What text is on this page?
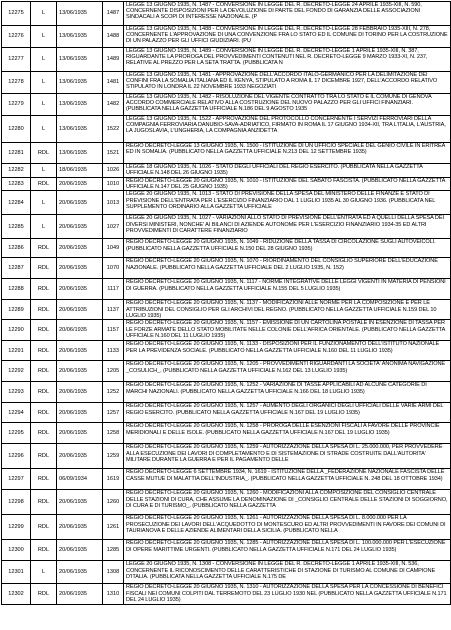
12275	L	13/06/1935	1487	LEGGE 13 GIUGNO 1935, N. 1487 - CONVERSIONE IN LEGGE DEL R. DECRETO-LEGGE 24 APRILE 1935-XIII, N. 590, CONCERNENTE DISPOSIZIONI PER LA DEVOLUZIONE DI PARTE DEL FONDO DI GARANZIA DELLE ASSOCIAZIONI SINDACALI A SCOPI DI INTERESSE NAZIONALE. (P
12276	L	13/06/1935	1488	LEGGE 13 GIUGNO 1935, N. 1488 - CONVERSIONE IN LEGGE DEL R. DECRETO-LEGGE 28 FEBBRAIO 1935-XIII, N. 278, CONCERNENTE L'APPROVAZIONE DI UNA CONVENZIONE FRA LO STATO ED IL COMUNE DI TORINO PER LA COSTRUZIONE DI UN PALAZZO PER GLI UFFICI GIUDIZIARI. (PU
12277	L	13/06/1935	1489	LEGGE 13 GIUGNO 1935, N. 1489 - CONVERSIONE IN LEGGE DEL R. DECRETO-LEGGE 1 APRILE 1935-XIII, N. 387, RIGUARDANTE LA PROROGA DEL PROVVEDIMENTI CONTENUTI NEL R. DECRETO-LEGGE 9 MARZO 1933-XI, N. 237, RELATIVE AL PREZZO PER LA SETA TRATTA. (PUBBLICATA N
12278	L	13/06/1935	1481	LEGGE 13 GIUGNO 1935, N. 1481 - APPROVAZIONE DELL'ACCORDO ITALO-GERMANICO PER LA DELIMITAZIONE DEI CONFINI FRA LA SOMALIA ITALIANA ED IL KENYA, STIPULATO A ROMA IL 17 DICEMBRE 1927, DELL'ACCORDO RELATIVO STIPULATO IN LONDRA IL 22 NOVEMBRE 1933 NEGOZIATI
12279	L	13/06/1935	1482	LEGGE 13 GIUGNO 1935, N. 1482 - RISOLUZIONE DEL VIGENTE CONTRATTO TRA LO STATO E IL COMUNE DI GENOVA ACCORDO COMMERCIALE RELATIVO ALLA COSTRUZIONE DEL NUOVO PALAZZO PER GLI UFFICI FINANZIARI. (PUBBLICATA NELLA GAZZETTA UFFICIALE N.186 DEL 9 AGOSTO 1935
12280	L	13/06/1935	1522	LEGGE 13 GIUGNO 1935, N. 1522 - APPROVAZIONE DEL PROTOCOLLO CONCERNENTE I SERVIZI FERROVIARI DELLA COMPAGNIA FERROVIARIA DANUBIO-SAVA-ADRIATICO, FIRMATO IN ROMA IL 17 GIUGNO 1934-XII, TRA L'ITALIA, L'AUSTRIA, LA JUGOSLAVIA, L'UNGHERIA, LA COMPAGNIA ANZIDETTA
12281	RDL	13/06/1935	1521	REGIO DECRETO-LEGGE 13 GIUGNO 1935, N. 1500 - ISTITUZIONE DI UN UFFICIO SPECIALE DEL GENIO CIVILE IN ERITREA ED IN SOMALIA. (PUBBLICATO NELLA GAZZETTA UFFICIALE N.213 DEL 12 SETTEMBRE 1935)
12282	L	18/06/1935	1026	LEGGE 18 GIUGNO 1935, N. 1026 - STATO DEGLI UFFICIALI DEL REGIO ESERCITO. (PUBBLICATA NELLA GAZZETTA UFFICIALE N.148 DEL 26 GIUGNO 1935)
12283	RDL	20/06/1935	1010	REGIO DECRETO-LEGGE 20 GIUGNO 1935, N. 1010 - ISTITUZIONE DEL SABATO FASCISTA. (PUBBLICATO NELLA GAZZETTA UFFICIALE N.147 DEL 25 GIUGNO 1935)
12284	L	20/06/1935	1013	LEGGE 20 GIUGNO 1935, N. 1013 - STATO DI PREVISIONE DELLA SPESA DEL MINISTERO DELLE FINANZE E STATO DI PREVISIONE DELL'ENTRATA PER L'ESERCIZIO FINANZIARIO DAL 1 LUGLIO 1935 AL 30 GIUGNO 1936. (PUBBLICATA NEL SUPPLEMENTO ORDINARIO ALLA GAZZETTA UFFICIALE
12285	L	20/06/1935	1027	LEGGE 20 GIUGNO 1935, N. 1027 - VARIAZIONI ALLO STATO DI PREVISIONE DELL'ENTRATA ED A QUELLI DELLA SPESA DEI DIVERSI MINISTERI, NONCHE' AI BILANCI DI AZIENDE AUTONOME PER L'ESERCIZIO FINANZIARIO 1934-35 ED ALTRI PROVVEDIMENTI DI CARATTERE FINANZIARIO
12286	RDL	20/06/1935	1049	REGIO DECRETO-LEGGE 20 GIUGNO 1935, N. 1049 - RIDUZIONE DELLA TASSA DI CIRCOLAZIONE SUGLI AUTOVEICOLI. (PUBBLICATO NELLA GAZZETTA UFFICIALE N.150 DEL 28 GIUGNO 1935)
12287	RDL	20/06/1935	1070	REGIO DECRETO-LEGGE 20 GIUGNO 1935, N. 1070 - RIORDINAMENTO DEL CONSIGLIO SUPERIORE DELL'EDUCAZIONE NAZIONALE. (PUBBLICATO NELLA GAZZETTA UFFICIALE DEL 2 LUGLIO 1935, N. 152)
12288	RDL	20/06/1935	1117	REGIO DECRETO-LEGGE 20 GIUGNO 1935, N. 1117 - NORME INTEGRATIVE DELLE LEGGI VIGENTI IN MATERIA DI PENSIONI DI GUERRA. (PUBBLICATO NELLA GAZZETTA UFFICIALE N.155 DEL 5 LUGLIO 1935)
12289	RDL	20/06/1935	1137	REGIO DECRETO-LEGGE 20 GIUGNO 1935, N. 1137 - MODIFICAZIONI ALLE NORME PER LA COMPOSIZIONE E PER LE ATTRIBUZIONI DEL CONSIGLIO PER GLI ARCHIVI DEL REGNO. (PUBBLICATO NELLA GAZZETTA UFFICIALE N.159 DEL 10 LUGLIO 1935)
12290	RDL	20/06/1935	1157	REGIO DECRETO-LEGGE 20 GIUGNO 1935, N. 1157 - EMISSIONE DI UN CARTOLINA POSTALE IN ESENZIONE DI TASSA PER LE FORZE ARMATE DELLO STATO MOBILITATE NELLE COLONIE DELL'AFRICA ORIENTALE. (PUBBLICATO NELLA GAZZETTA UFFICIALE N.160 DEL 11 LUGLIO 1935)
12291	RDL	20/06/1935	1133	REGIO DECRETO-LEGGE 20 GIUGNO 1935, N. 1133 - DISPOSIZIONI PER IL FUNZIONAMENTO DELL'ISTITUTO NAZIONALE PER LA PREVIDENZA SOCIALE. (PUBBLICATO NELLA GAZZETTA UFFICIALE N.160 DEL 11 LUGLIO 1935)
12292	RDL	20/06/1935	1205	REGIO DECRETO-LEGGE 20 GIUGNO 1935, N. 1205 - PROVVEDIMENTI RIGUARDANTI LA SOCIETA' ANONIMA NAVIGAZIONE _COSULICH_. (PUBBLICATO NELLA GAZZETTA UFFICIALE N.162 DEL 13 LUGLIO 1935)
12293	RDL	20/06/1935	1252	REGIO DECRETO-LEGGE 20 GIUGNO 1935, N. 1252 - VARIAZIONE DI TASSE APPLICABILI AD ALCUNE CATEGORIE DI MARCHI NAZIONALI. (PUBBLICATO NELLA GAZZETTA UFFICIALE N.166 DEL 18 LUGLIO 1935)
12294	RDL	20/06/1935	1257	REGIO DECRETO-LEGGE 20 GIUGNO 1935, N. 1257 - AUMENTO DEGLI ORGANICI DEGLI UFFICIALI DELLE VARIE ARMI DEL REGIO ESERCITO. (PUBBLICATO NELLA GAZZETTA UFFICIALE N.167 DEL 19 LUGLIO 1935)
12295	RDL	20/06/1935	1258	REGIO DECRETO-LEGGE 20 GIUGNO 1935, N. 1258 - PROROGA DELLE ESENZIONI FISCALI A FAVORE DELLE PROVINCIE MERIDIONALI E DELLE ISOLE. (PUBBLICATO NELLA GAZZETTA UFFICIALE N.167 DEL 19 LUGLIO 1935)
12296	RDL	20/06/1935	1259	REGIO DECRETO-LEGGE 20 GIUGNO 1935, N. 1259 - AUTORIZZAZIONE DELLA SPESA DI L. 25.000.000, PER PROVVEDERE ALLA ESECUZIONE DEI LAVORI DI COMPLETAMENTO E DI SISTEMAZIONE DI STRADE COSTRUITE DALL'AUTORITA' MILITARE DURANTE LA GUERRA E PER IL PAGAMENTO DELLE
12297	RDL	06/09/1934	1619	REGIO DECRETO-LEGGE 6 SETTEMBRE 1934, N. 1619 - ISTITUZIONE DELLA _FEDERAZIONE NAZIONALE FASCISTA DELLE CASSE MUTUE DI MALATTIA DELL'INDUSTRIA_. (PUBBLICATO NELLA GAZZETTA UFFICIALE N. 248 DEL 18 OTTOBRE 1934)
12298	RDL	20/06/1935	1260	REGIO DECRETO-LEGGE 20 GIUGNO 1935, N. 1260 - MODIFICAZIONI ALLA COMPOSIZIONE DEL CONSIGLIO CENTRALE DELLE STAZIONI DI CURA, CHE ASSUME LA DENOMINAZIONE DI _CONSIGLIO CENTRALE DELLE STAZIONI DI SOGGIORNO, DI CURA E DI TURISMO_. (PUBBLICATO NELLA GAZZETTA
12299	RDL	20/06/1935	1261	REGIO DECRETO-LEGGE 20 GIUGNO 1935, N. 1261 - AUTORIZZAZIONE DELLA SPESA DI L. 8.000.000 PER LA PROSECUZIONE DEI LAVORI DELL'ACQUEDOTTO DI MONTESCURO ED ALTRI PROVVEDIMENTI IN FAVORE DEI COMUNI DI TAURIANOVA E DELLE AZIENDE ALIMENTARI DELLA SICILIA. (PUBBLICATO NELLA
12300	RDL	20/06/1935	1285	REGIO DECRETO-LEGGE 20 GIUGNO 1935, N. 1285 - AUTORIZZAZIONE DELLA SPESA DI L. 100.000.000 PER L'ESECUZIONE DI OPERE MARITTIME URGENTI. (PUBBLICATO NELLA GAZZETTA UFFICIALE N.171 DEL 24 LUGLIO 1935)
12301	L	20/06/1935	1308	LEGGE 20 GIUGNO 1935, N. 1308 - CONVERSIONE IN LEGGE DEL R. DECRETO-LEGGE 1 APRILE 1935-XIII, N. 536, CONCERNENTE IL RICONOSCIMENTO DELLE CARATTERISTICHE DI STAZIONE DI TURISMO AL COMUNE DI CAMPIONE D'ITALIA. (PUBBLICATA NELLA GAZZETTA UFFICIALE N.175 DE
12302	RDL	20/06/1935	1310	REGIO DECRETO-LEGGE 20 GIUGNO 1935, N. 1310 - AUTORIZZAZIONE DELLA SPESA PER LA CONCESSIONE DI BENEFICI FISCALI NEI COMUNI COLPITI DAL TERREMOTO DEL 23 LUGLIO 1930 NEL (PUBBLICATO NELLA GAZZETTA UFFICIALE N.171 DEL 24 LUGLIO 1935)
